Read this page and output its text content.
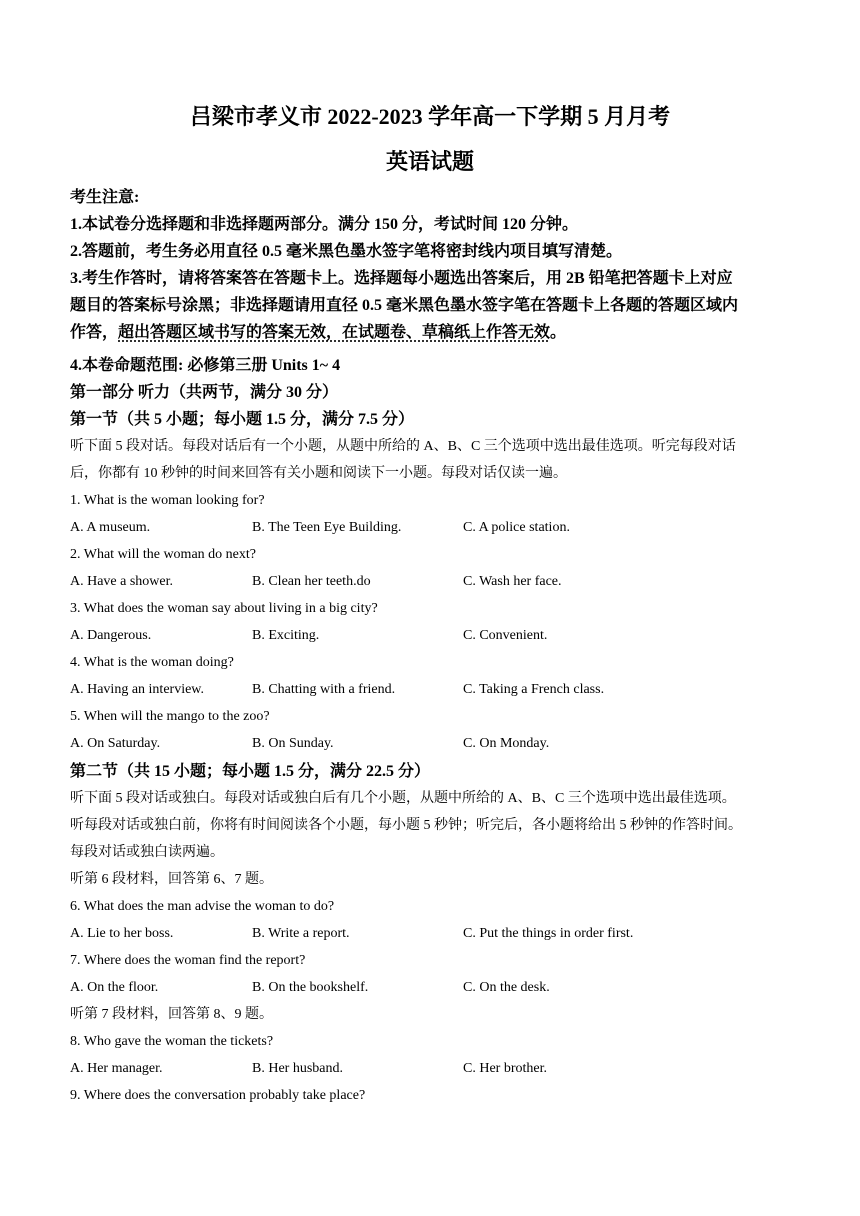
吕梁市孝义市 2022-2023 学年高一下学期 5 月月考
英语试题
考生注意:
1.本试卷分选择题和非选择题两部分。满分 150 分，考试时间 120 分钟。
2.答题前，考生务必用直径 0.5 毫米黑色墨水签字笔将密封线内项目填写清楚。
3.考生作答时，请将答案答在答题卡上。选择题每小题选出答案后，用 2B 铅笔把答题卡上对应
题目的答案标号涂黑；非选择题请用直径 0.5 毫米黑色墨水签字笔在答题卡上各题的答题区域内
作答，超出答题区域书写的答案无效，在试题卷、草稿纸上作答无效。
4.本卷命题范围: 必修第三册 Units 1~ 4
第一部分 听力（共两节，满分 30 分）
第一节（共 5 小题；每小题 1.5 分，满分 7.5 分）
听下面 5 段对话。每段对话后有一个小题，从题中所给的 A、B、C 三个选项中选出最佳选项。听完每段对话
后，你都有 10 秒钟的时间来回答有关小题和阅读下一小题。每段对话仅读一遍。
1. What is the woman looking for?
A. A museum.	B. The Teen Eye Building.	C. A police station.
2. What will the woman do next?
A. Have a shower.	B. Clean her teeth.do	C. Wash her face.
3. What does the woman say about living in a big city?
A. Dangerous.	B. Exciting.	C. Convenient.
4. What is the woman doing?
A. Having an interview.	B. Chatting with a friend.	C. Taking a French class.
5. When will the mango to the zoo?
A. On Saturday.	B. On Sunday.	C. On Monday.
第二节（共 15 小题；每小题 1.5 分，满分 22.5 分）
听下面 5 段对话或独白。每段对话或独白后有几个小题，从题中所给的 A、B、C 三个选项中选出最佳选项。
听每段对话或独白前，你将有时间阅读各个小题，每小题 5 秒钟；听完后，各小题将给出 5 秒钟的作答时间。
每段对话或独白读两遍。
听第 6 段材料，回答第 6、7 题。
6. What does the man advise the woman to do?
A. Lie to her boss.	B. Write a report.	C. Put the things in order first.
7. Where does the woman find the report?
A. On the floor.	B. On the bookshelf.	C. On the desk.
听第 7 段材料，回答第 8、9 题。
8. Who gave the woman the tickets?
A. Her manager.	B. Her husband.	C. Her brother.
9. Where does the conversation probably take place?
